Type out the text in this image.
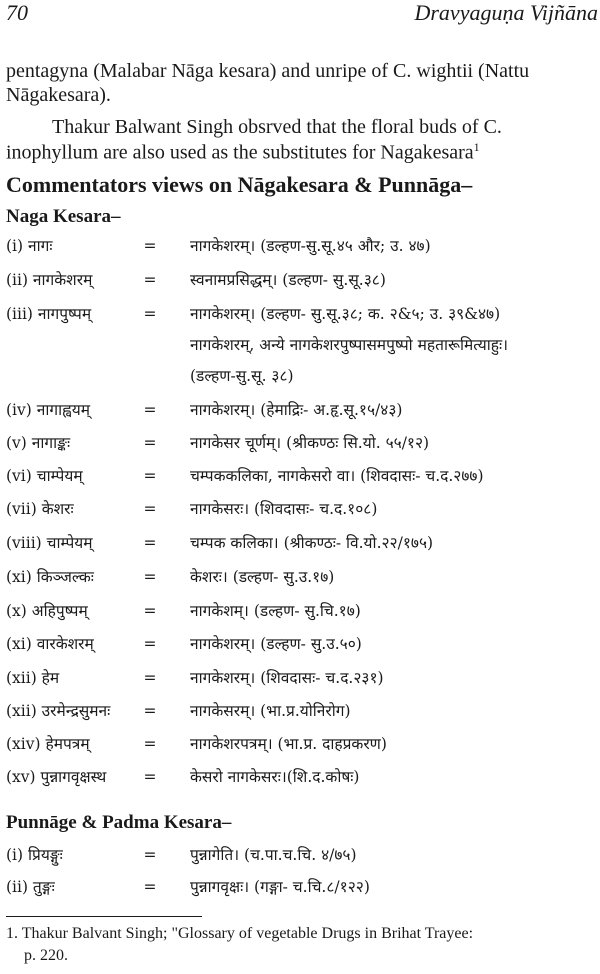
70	Dravyaguṇa Vijñāna
pentagyna (Malabar Nāga kesara) and unripe of C. wightii (Nattu
Nāgakesara).
Thakur Balwant Singh obsrved that the floral buds of C.
inophyllum are also used as the substitutes for Nagakesara$^1$
Commentators views on Nāgakesara & Punnāga–
Naga Kesara–
(i) नागः	= नागकेशरम्। (डल्हण-सु.सू.४५ और; उ. ४७)
(ii) नागकेशरम्	= स्वनामप्रसिद्धम्। (डल्हण- सु.सू.३८)
(iii) नागपुष्पम्	= नागकेशरम्। (डल्हण- सु.सू.३८; क. २&५; उ. ३९&४७)
नागकेशरम्, अन्ये नागकेशरपुष्पासमपुष्पो महतारूमित्याहुः।
(डल्हण-सु.सू. ३८)
(iv) नागाह्वयम्	= नागकेशरम्। (हेमाद्रिः- अ.हृ.सू.१५/४३)
(v) नागाङ्कः	= नागकेसर चूर्णम्। (श्रीकण्ठः सि.यो. ५५/१२)
(vi) चाम्पेयम्	= चम्पककलिका, नागकेसरो वा। (शिवदासः- च.द.२७७)
(vii) केशरः	= नागकेसरः। (शिवदासः- च.द.१०८)
(viii) चाम्पेयम्	= चम्पक कलिका। (श्रीकण्ठः- वि.यो.२२/१७५)
(xi) किञ्जल्कः	= केशरः। (डल्हण- सु.उ.१७)
(x) अहिपुष्पम्	= नागकेशम्। (डल्हण- सु.चि.१७)
(xi) वारकेशरम्	= नागकेशरम्। (डल्हण- सु.उ.५०)
(xii) हेम	= नागकेशरम्। (शिवदासः- च.द.२३१)
(xii) उरमेन्द्रसुमनः = नागकेसरम्। (भा.प्र.योनिरोग)
(xiv) हेमपत्रम्	= नागकेशरपत्रम्। (भा.प्र. दाहप्रकरण)
(xv) पुन्नागवृक्षस्थ = केसरो नागकेसरः।(शि.द.कोषः)
Punnāge & Padma Kesara–
(i) प्रियङ्गुः	= पुन्नागेति। (च.पा.च.चि. ४/७५)
(ii) तुङ्गः	= पुन्नागवृक्षः। (गङ्गा- च.चि.८/१२२)
1. Thakur Balvant Singh; "Glossary of vegetable Drugs in Brihat Trayee:
p. 220.
